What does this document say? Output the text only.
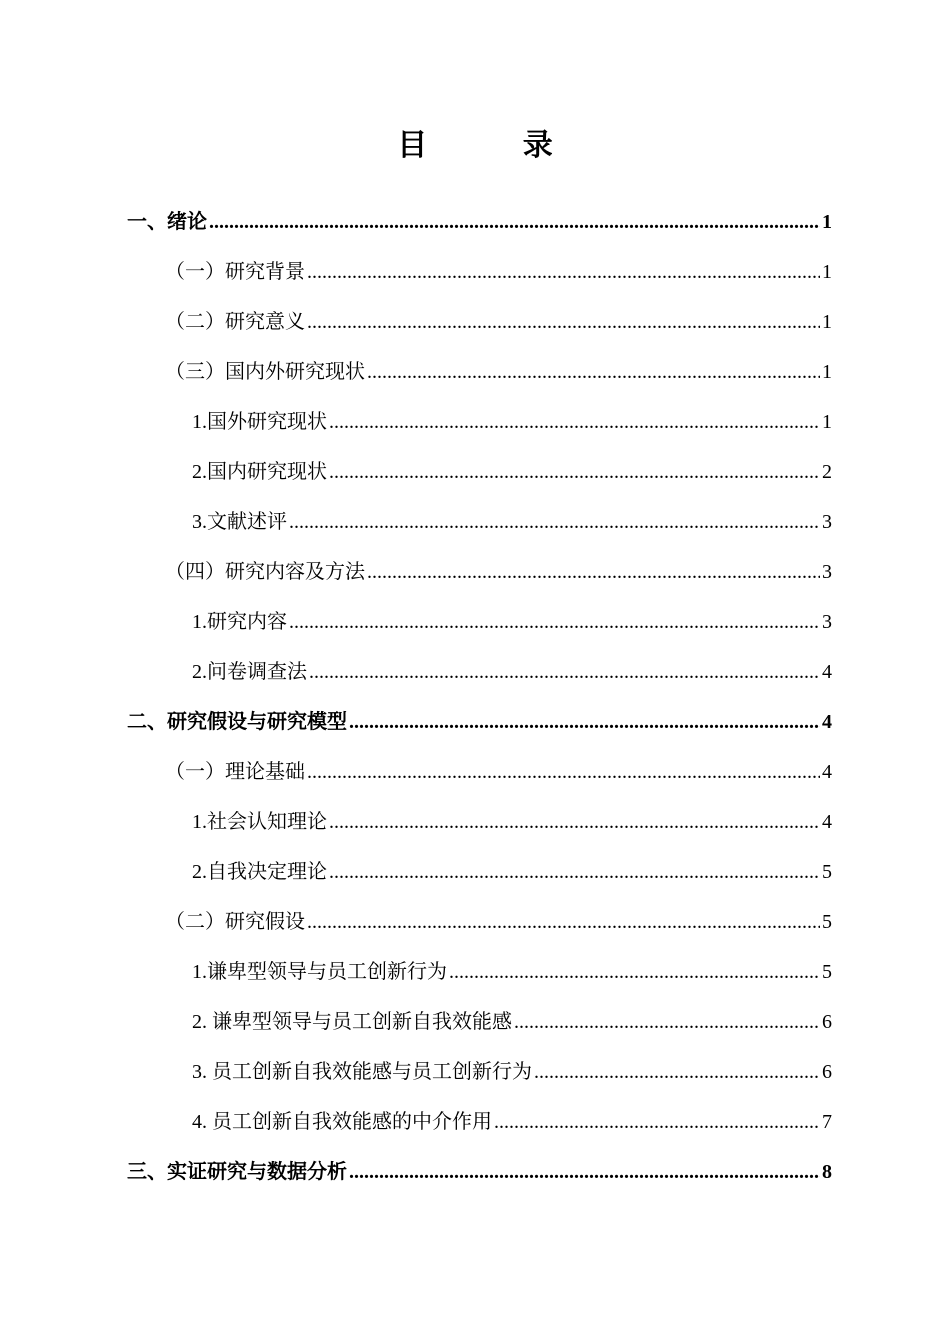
目 录
一、绪论 .....	1
（一）研究背景 .....	1
（二）研究意义 .....	1
（三）国内外研究现状 .....	1
1.国外研究现状 .....	1
2.国内研究现状 .....	2
3.文献述评 .....	3
（四）研究内容及方法 .....	3
1.研究内容 .....	3
2.问卷调查法 .....	4
二、研究假设与研究模型 .....	4
（一）理论基础 .....	4
1.社会认知理论 .....	4
2.自我决定理论 .....	5
（二）研究假设 .....	5
1.谦卑型领导与员工创新行为 .....	5
2. 谦卑型领导与员工创新自我效能感 .....	6
3. 员工创新自我效能感与员工创新行为 .....	6
4. 员工创新自我效能感的中介作用 .....	7
三、实证研究与数据分析 .....	8
